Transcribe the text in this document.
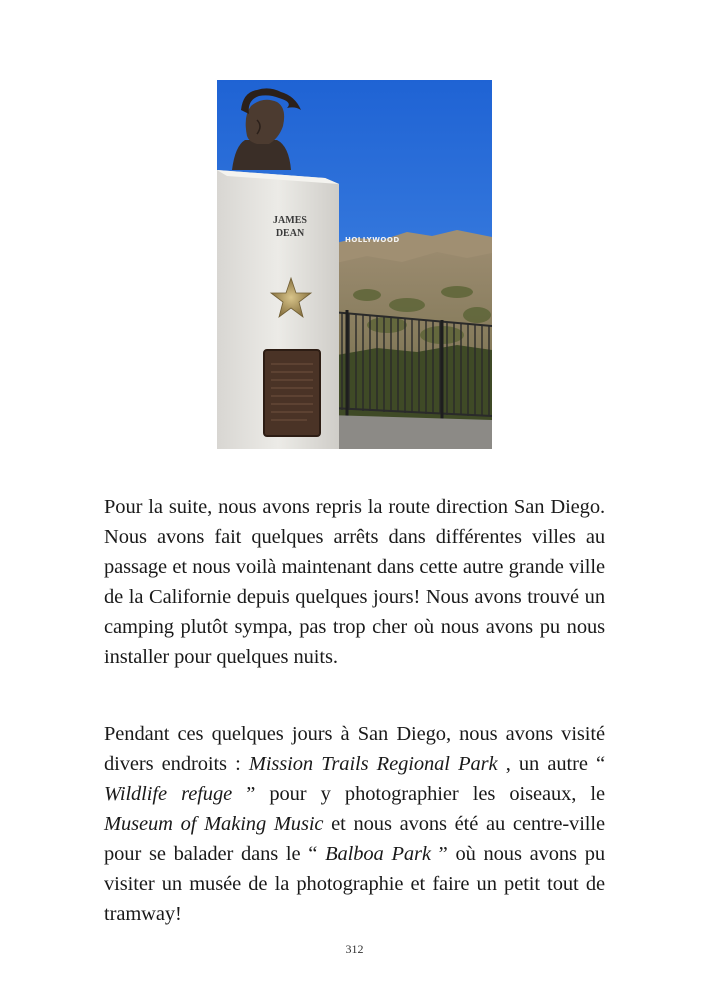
HOLLYWOOD
JAMES
DEAN

Pour la suite, nous avons repris la route direction San Diego. Nous avons fait quelques arrêts dans différentes villes au passage et nous voilà maintenant dans cette autre grande ville de la Californie depuis quelques jours! Nous avons trouvé un camping plutôt sympa, pas trop cher où nous avons pu nous installer pour quelques nuits.

Pendant ces quelques jours à San Diego, nous avons visité divers endroits : Mission Trails Regional Park , un autre “ Wildlife refuge ” pour y photographier les oiseaux, le Museum of Making Music et nous avons été au centre-ville pour se balader dans le “ Balboa Park ” où nous avons pu visiter un musée de la photographie et faire un petit tout de tramway!

312
